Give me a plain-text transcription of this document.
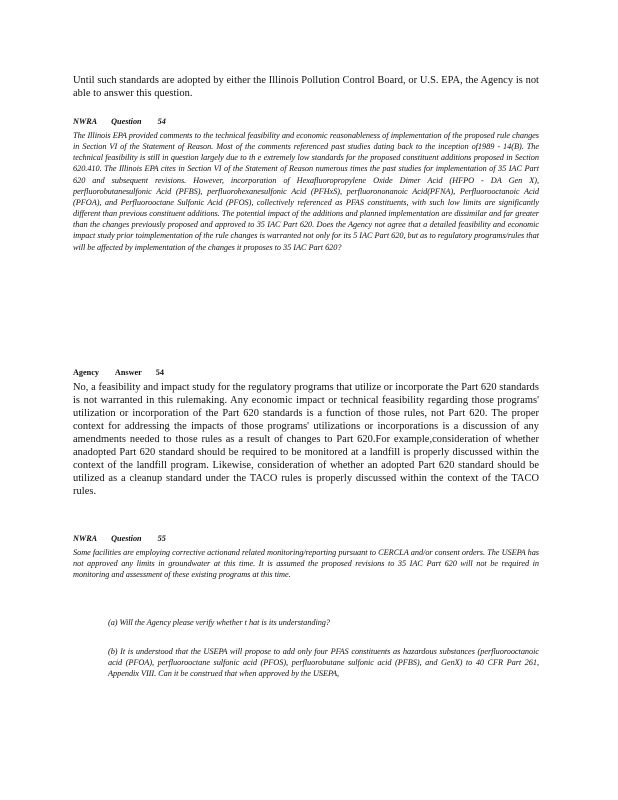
Until such standards are adopted by either the Illinois Pollution Control Board, or U.S. EPA, the Agency is not able to answer this question.
NWRA Question 54
The Illinois EPA provided comments to the technical feasibility and economic reasonableness of implementation of the proposed rule changes in Section VI of the Statement of Reason. Most of the comments referenced past studies dating back to the inception of1989 - 14(B). The technical feasibility is still in question largely due to th e extremely low standards for the proposed constituent additions proposed in Section 620.410. The Illinois EPA cites in Section VI of the Statement of Reason numerous times the past studies for implementation of 35 IAC Part 620 and subsequent revisions. However, incorporation of Hexafluoropropylene Oxide Dimer Acid (HFPO - DA Gen X), perfluorobutanesulfonic Acid (PFBS), perfluorohexanesulfonic Acid (PFHxS), perfluorononanoic Acid(PFNA), Perfluorooctanoic Acid (PFOA), and Perfluorooctane Sulfonic Acid (PFOS), collectively referenced as PFAS constituents, with such low limits are significantly different than previous constituent additions. The potential impact of the additions and planned implementation are dissimilar and far greater than the changes previously proposed and approved to 35 IAC Part 620. Does the Agency not agree that a detailed feasibility and economic impact study prior toimplementation of the rule changes is warranted not only for its 5 IAC Part 620, but as to regulatory programs/rules that will be affected by implementation of the changes it proposes to 35 IAC Part 620?
Agency Answer 54
No, a feasibility and impact study for the regulatory programs that utilize or incorporate the Part 620 standards is not warranted in this rulemaking. Any economic impact or technical feasibility regarding those programs' utilization or incorporation of the Part 620 standards is a function of those rules, not Part 620. The proper context for addressing the impacts of those programs' utilizations or incorporations is a discussion of any amendments needed to those rules as a result of changes to Part 620.For example,consideration of whether anadopted Part 620 standard should be required to be monitored at a landfill is properly discussed within the context of the landfill program. Likewise, consideration of whether an adopted Part 620 standard should be utilized as a cleanup standard under the TACO rules is properly discussed within the context of the TACO rules.
NWRA Question 55
Some facilities are employing corrective actionand related monitoring/reporting pursuant to CERCLA and/or consent orders. The USEPA has not approved any limits in groundwater at this time. It is assumed the proposed revisions to 35 IAC Part 620 will not be required in monitoring and assessment of these existing programs at this time.
(a) Will the Agency please verify whether t hat is its understanding?
(b) It is understood that the USEPA will propose to add only four PFAS constituents as hazardous substances (perfluorooctanoic acid (PFOA), perfluorooctane sulfonic acid (PFOS), perfluorobutane sulfonic acid (PFBS), and GenX) to 40 CFR Part 261, Appendix VIII. Can it be construed that when approved by the USEPA,
